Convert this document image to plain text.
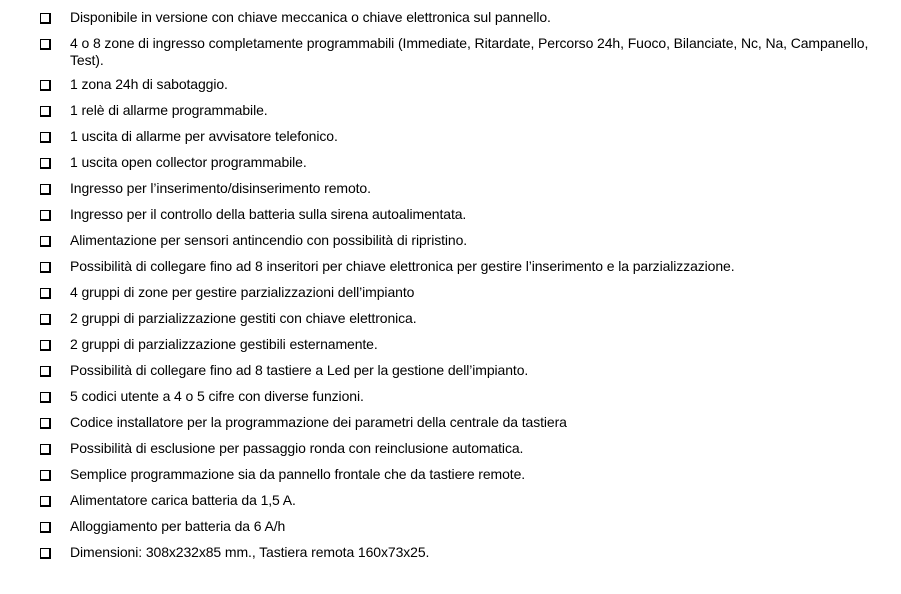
Disponibile in versione con chiave meccanica o chiave elettronica sul pannello.
4 o 8 zone di ingresso completamente programmabili (Immediate, Ritardate, Percorso 24h, Fuoco, Bilanciate, Nc, Na, Campanello, Test).
1 zona 24h di sabotaggio.
1 relè di allarme programmabile.
1 uscita di allarme per avvisatore telefonico.
1 uscita open collector programmabile.
Ingresso per l’inserimento/disinserimento remoto.
Ingresso per il controllo della batteria sulla sirena autoalimentata.
Alimentazione per sensori antincendio con possibilità di ripristino.
Possibilità di collegare fino ad 8 inseritori per chiave elettronica per gestire l’inserimento e la parzializzazione.
4 gruppi di zone per gestire parzializzazioni dell’impianto
2 gruppi di parzializzazione gestiti con chiave elettronica.
2 gruppi di parzializzazione gestibili esternamente.
Possibilità di collegare fino ad 8 tastiere a Led per la gestione dell’impianto.
5 codici utente a 4 o 5 cifre con diverse funzioni.
Codice installatore per la programmazione dei parametri della centrale da tastiera
Possibilità di esclusione per passaggio ronda con reinclusione automatica.
Semplice programmazione sia da pannello frontale che da tastiere remote.
Alimentatore carica batteria da 1,5 A.
Alloggiamento per batteria da 6 A/h
Dimensioni: 308x232x85 mm., Tastiera remota 160x73x25.
